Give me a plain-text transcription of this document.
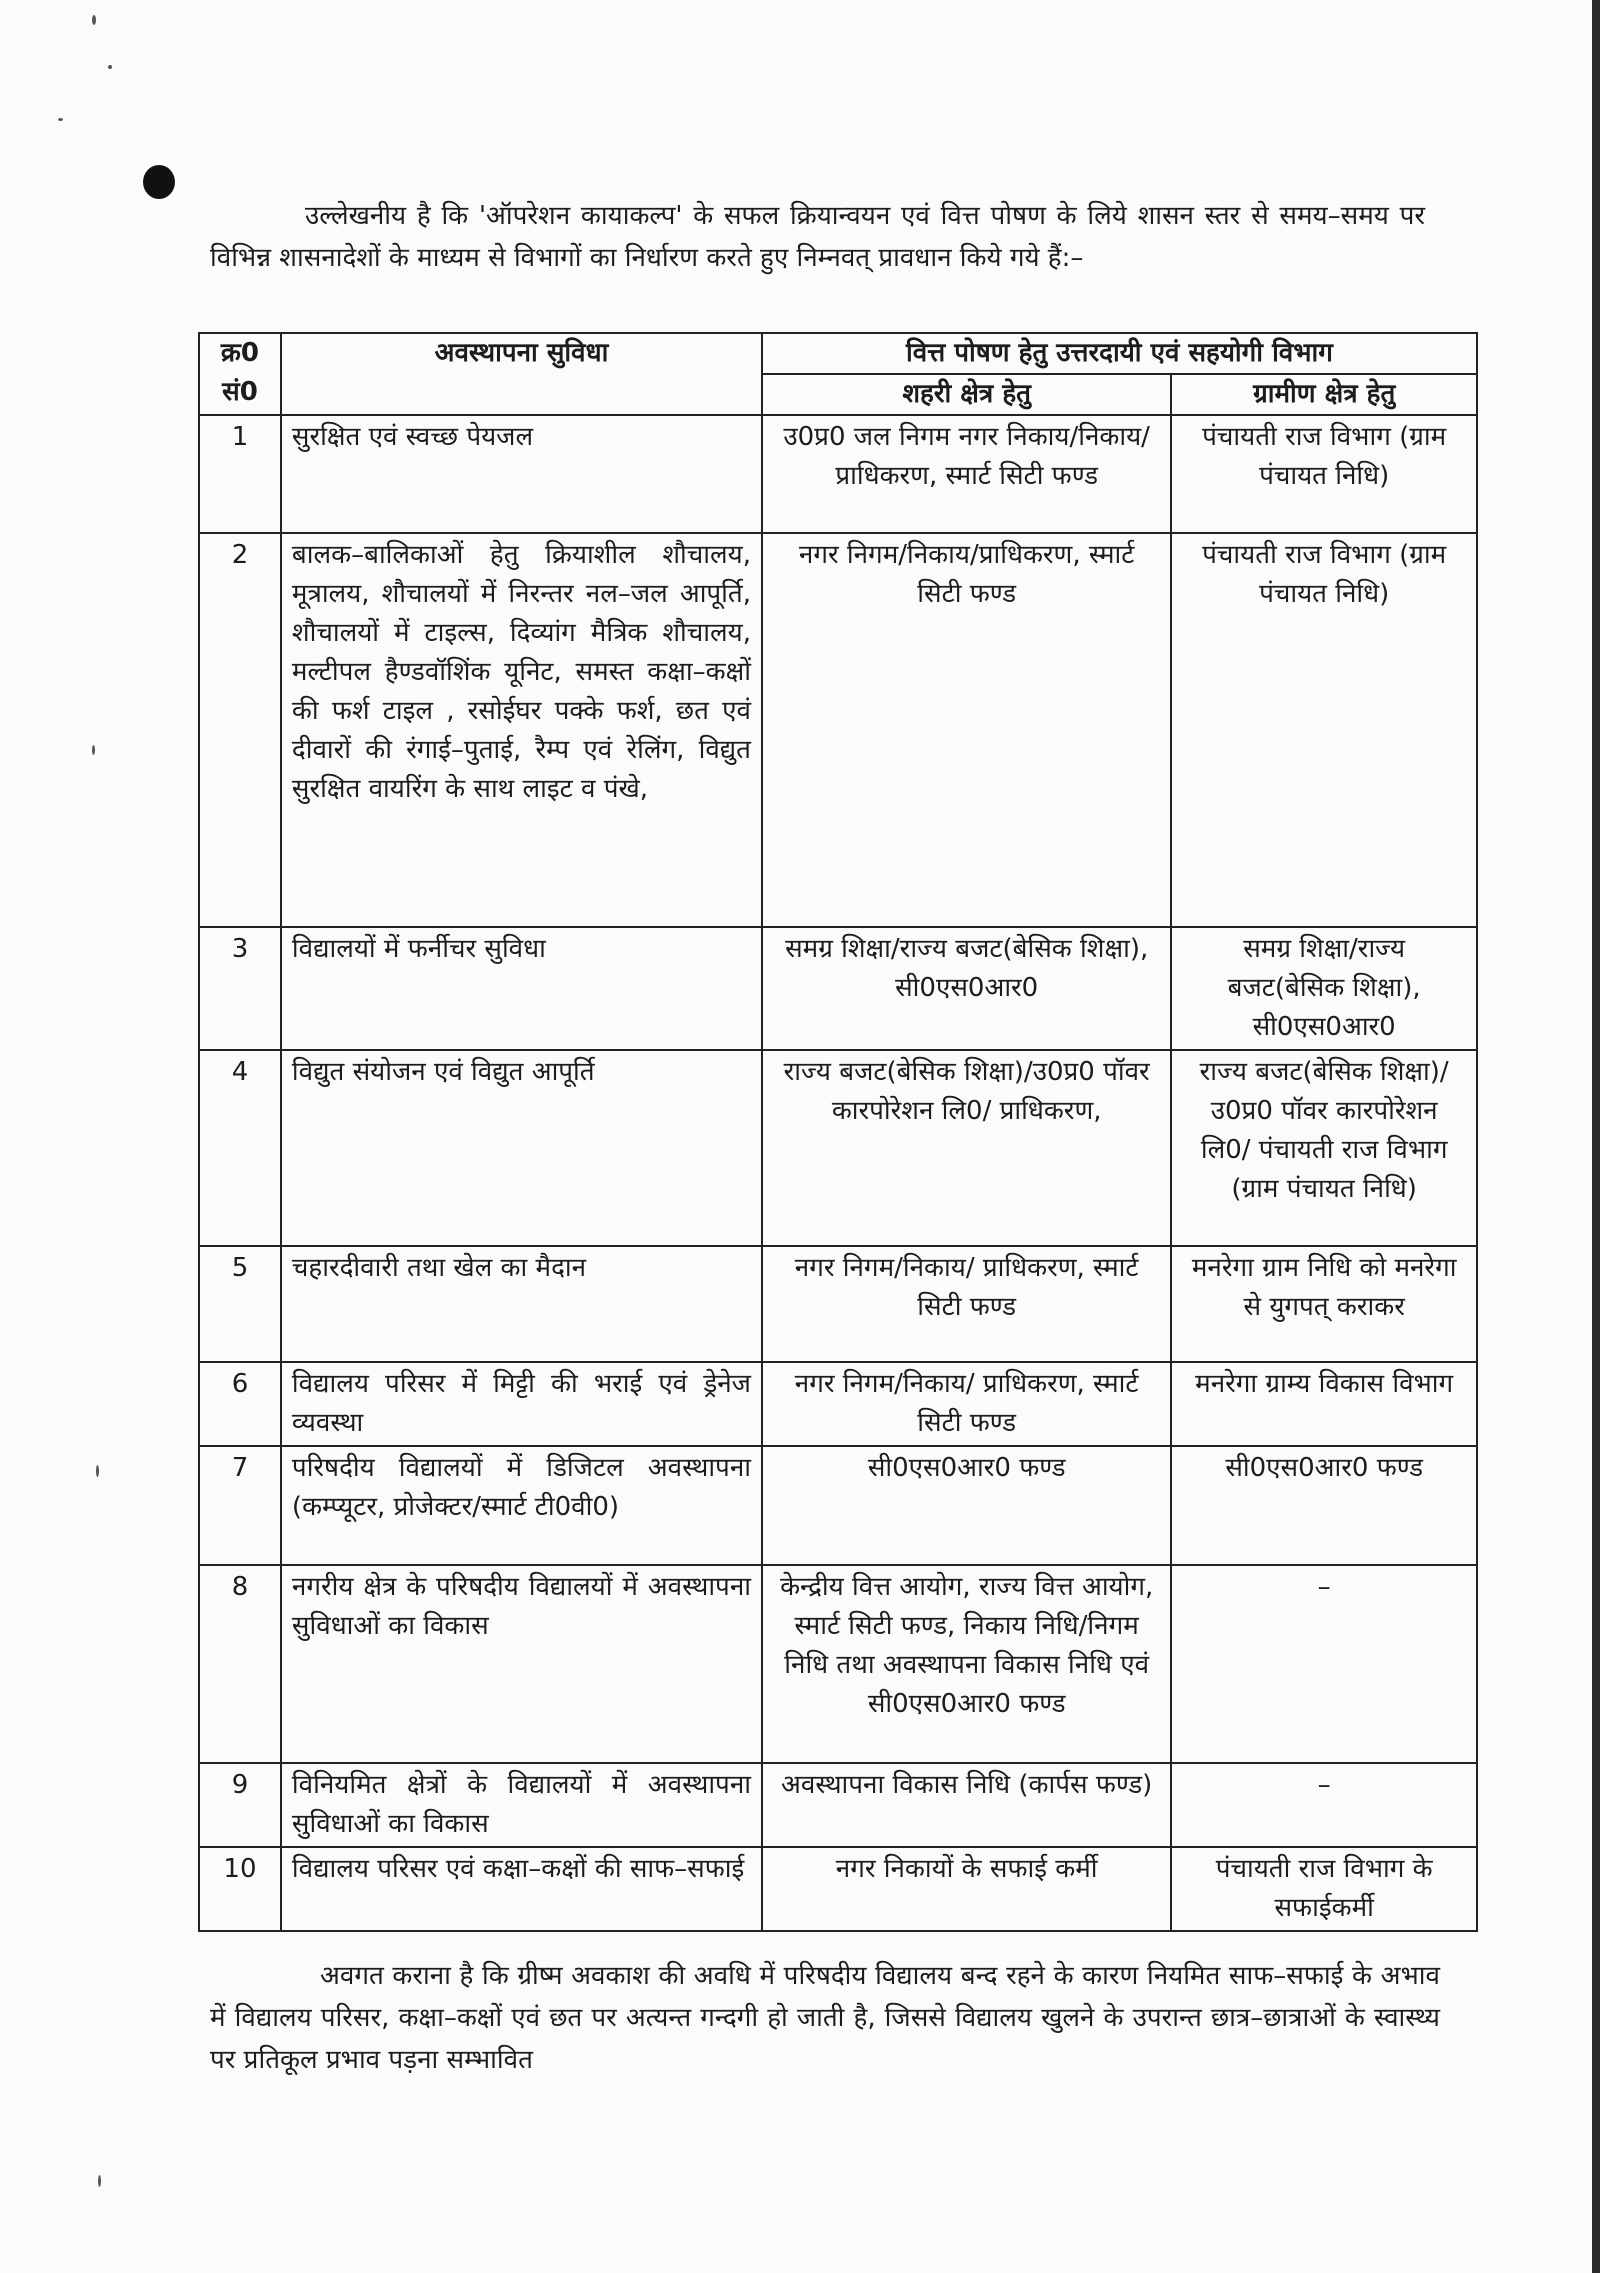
उल्लेखनीय है कि 'ऑपरेशन कायाकल्प' के सफल क्रियान्वयन एवं वित्त पोषण के लिये शासन स्तर से समय–समय पर विभिन्न शासनादेशों के माध्यम से विभागों का निर्धारण करते हुए निम्नवत् प्रावधान किये गये हैं:–

क्र0 सं0	अवस्थापना सुविधा	वित्त पोषण हेतु उत्तरदायी एवं सहयोगी विभाग	
		शहरी क्षेत्र हेतु	ग्रामीण क्षेत्र हेतु
1	सुरक्षित एवं स्वच्छ पेयजल	उ0प्र0 जल निगम नगर निकाय/निकाय/ प्राधिकरण, स्मार्ट सिटी फण्ड	पंचायती राज विभाग (ग्राम पंचायत निधि)
2	बालक–बालिकाओं हेतु क्रियाशील शौचालय, मूत्रालय, शौचालयों में निरन्तर नल–जल आपूर्ति, शौचालयों में टाइल्स, दिव्यांग मैत्रिक शौचालय, मल्टीपल हैण्डवॉशिंक यूनिट, समस्त कक्षा–कक्षों की फर्श टाइल , रसोईघर पक्के फर्श, छत एवं दीवारों की रंगाई–पुताई, रैम्प एवं रेलिंग, विद्युत सुरक्षित वायरिंग के साथ लाइट व पंखे,	नगर निगम/निकाय/प्राधिकरण, स्मार्ट सिटी फण्ड	पंचायती राज विभाग (ग्राम पंचायत निधि)
3	विद्यालयों में फर्नीचर सुविधा	समग्र शिक्षा/राज्य बजट(बेसिक शिक्षा), सी0एस0आर0	समग्र शिक्षा/राज्य बजट(बेसिक शिक्षा), सी0एस0आर0
4	विद्युत संयोजन एवं विद्युत आपूर्ति	राज्य बजट(बेसिक शिक्षा)/उ0प्र0 पॉवर कारपोरेशन लि0/ प्राधिकरण,	राज्य बजट(बेसिक शिक्षा)/उ0प्र0 पॉवर कारपोरेशन लि0/ पंचायती राज विभाग (ग्राम पंचायत निधि)
5	चहारदीवारी तथा खेल का मैदान	नगर निगम/निकाय/ प्राधिकरण, स्मार्ट सिटी फण्ड	मनरेगा ग्राम निधि को मनरेगा से युगपत् कराकर
6	विद्यालय परिसर में मिट्टी की भराई एवं ड्रेनेज व्यवस्था	नगर निगम/निकाय/ प्राधिकरण, स्मार्ट सिटी फण्ड	मनरेगा ग्राम्य विकास विभाग
7	परिषदीय विद्यालयों में डिजिटल अवस्थापना (कम्प्यूटर, प्रोजेक्टर/स्मार्ट टी0वी0)	सी0एस0आर0 फण्ड	सी0एस0आर0 फण्ड
8	नगरीय क्षेत्र के परिषदीय विद्यालयों में अवस्थापना सुविधाओं का विकास	केन्द्रीय वित्त आयोग, राज्य वित्त आयोग, स्मार्ट सिटी फण्ड, निकाय निधि/निगम निधि तथा अवस्थापना विकास निधि एवं सी0एस0आर0 फण्ड	–
9	विनियमित क्षेत्रों के विद्यालयों में अवस्थापना सुविधाओं का विकास	अवस्थापना विकास निधि (कार्पस फण्ड)	–
10	विद्यालय परिसर एवं कक्षा–कक्षों की साफ–सफाई	नगर निकायों के सफाई कर्मी	पंचायती राज विभाग के सफाईकर्मी

अवगत कराना है कि ग्रीष्म अवकाश की अवधि में परिषदीय विद्यालय बन्द रहने के कारण नियमित साफ–सफाई के अभाव में विद्यालय परिसर, कक्षा–कक्षों एवं छत पर अत्यन्त गन्दगी हो जाती है, जिससे विद्यालय खुलने के उपरान्त छात्र–छात्राओं के स्वास्थ्य पर प्रतिकूल प्रभाव पड़ना सम्भावित
